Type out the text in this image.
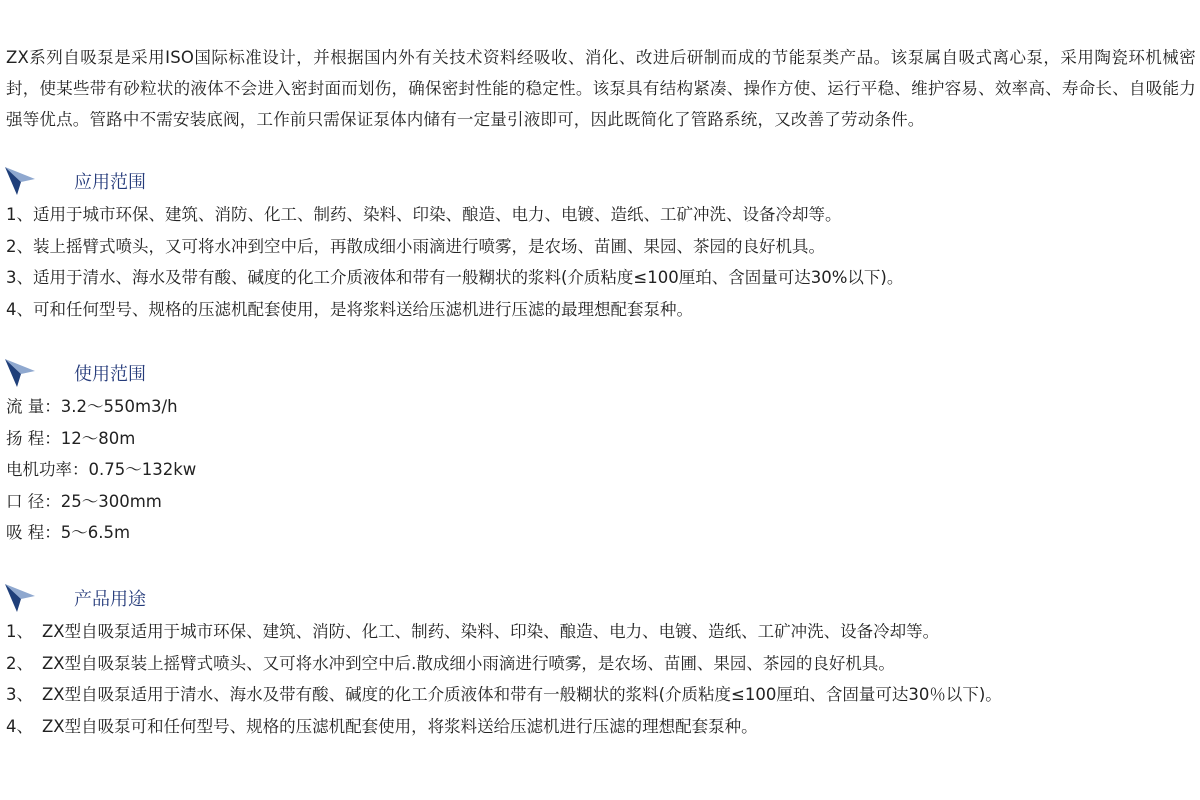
ZX系列自吸泵是采用ISO国际标准设计，并根据国内外有关技术资料经吸收、消化、改进后研制而成的节能泵类产品。该泵属自吸式离心泵，采用陶瓷环机械密封，使某些带有砂粒状的液体不会进入密封面而划伤，确保密封性能的稳定性。该泵具有结构紧凑、操作方使、运行平稳、维护容易、效率高、寿命长、自吸能力强等优点。管路中不需安装底阀，工作前只需保证泵体内储有一定量引液即可，因此既简化了管路系统，又改善了劳动条件。

应用范围
1、适用于城市环保、建筑、消防、化工、制药、染料、印染、酿造、电力、电镀、造纸、工矿冲洗、设备冷却等。
2、装上摇臂式喷头，又可将水冲到空中后，再散成细小雨滴进行喷雾，是农场、苗圃、果园、茶园的良好机具。
3、适用于清水、海水及带有酸、碱度的化工介质液体和带有一般糊状的浆料(介质粘度≤100厘珀、含固量可达30%以下)。
4、可和任何型号、规格的压滤机配套使用，是将浆料送给压滤机进行压滤的最理想配套泵种。
使用范围
流 量：3.2～550m3/h
扬 程：12～80m
电机功率：0.75～132kw
口 径：25～300mm
吸 程：5～6.5m
产品用途
1、 ZX型自吸泵适用于城市环保、建筑、消防、化工、制药、染料、印染、酿造、电力、电镀、造纸、工矿冲洗、设备冷却等。
2、 ZX型自吸泵装上摇臂式喷头、又可将水冲到空中后.散成细小雨滴进行喷雾，是农场、苗圃、果园、茶园的良好机具。
3、 ZX型自吸泵适用于清水、海水及带有酸、碱度的化工介质液体和带有一般糊状的浆料(介质粘度≤100厘珀、含固量可达30％以下)。
4、 ZX型自吸泵可和任何型号、规格的压滤机配套使用，将浆料送给压滤机进行压滤的理想配套泵种。
